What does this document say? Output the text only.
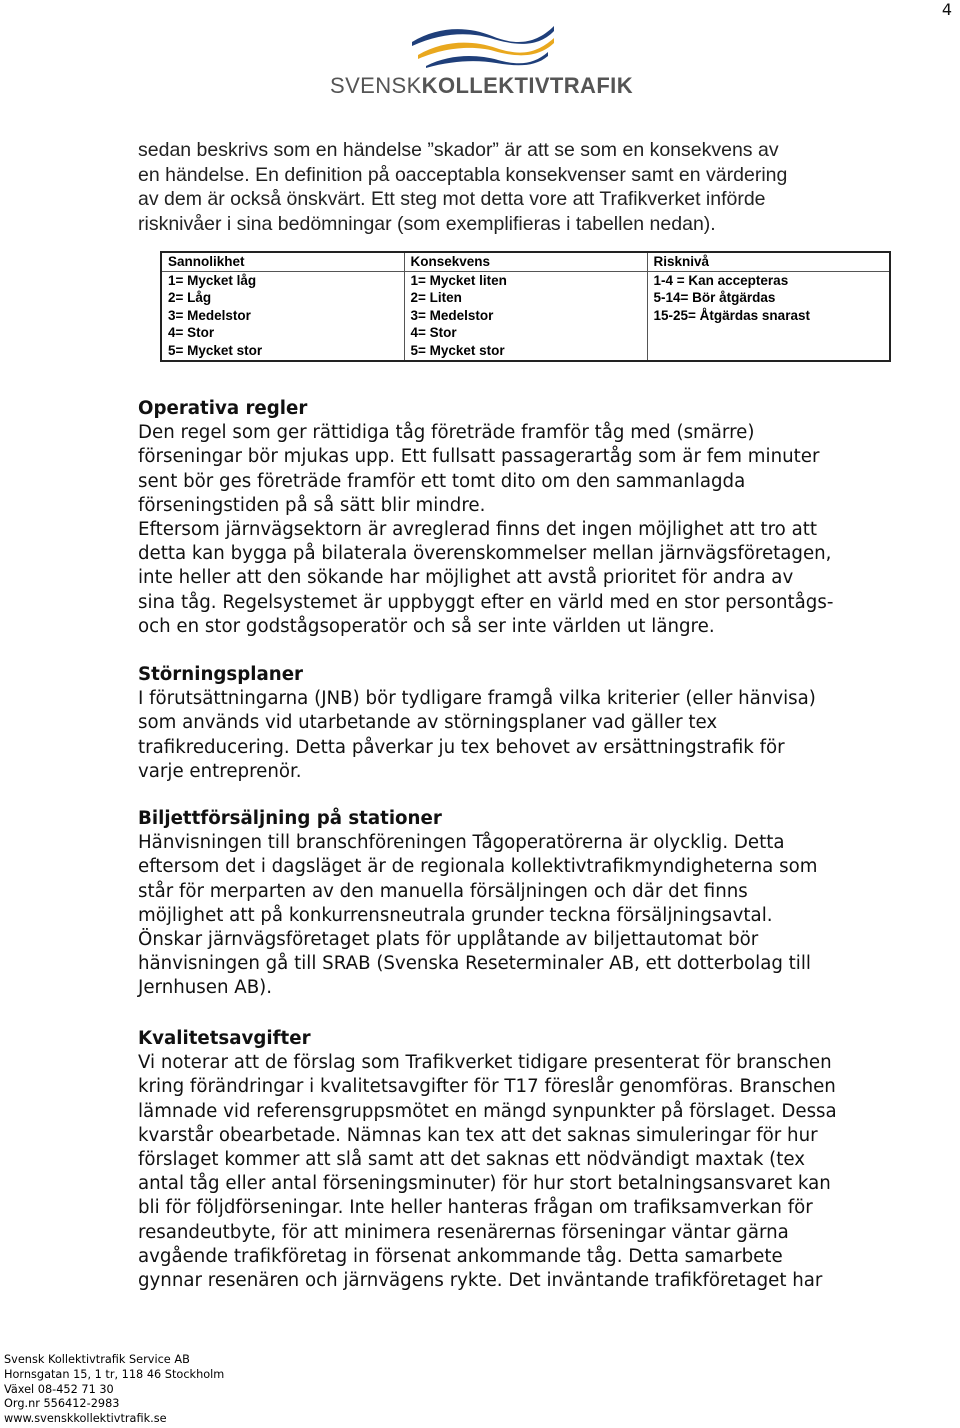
4
SVENSKKOLLEKTIVTRAFIK

sedan beskrivs som en händelse ”skador” är att se som en konsekvens av

en händelse. En definition på oacceptabla konsekvenser samt en värdering

av dem är också önskvärt. Ett steg mot detta vore att Trafikverket införde

risknivåer i sina bedömningar (som exemplifieras i tabellen nedan).

Sannolikhet	Konsekvens	Risknivå
1= Mycket låg	1= Mycket liten	1-4 = Kan accepteras
2= Låg	2= Liten	5-14= Bör åtgärdas
3= Medelstor	3= Medelstor	15-25= Åtgärdas snarast
4= Stor	4= Stor	
5= Mycket stor	5= Mycket stor	
Operativa regler

Den regel som ger rättidiga tåg företräde framför tåg med (smärre)

förseningar bör mjukas upp. Ett fullsatt passagerartåg som är fem minuter

sent bör ges företräde framför ett tomt dito om den sammanlagda

förseningstiden på så sätt blir mindre.

Eftersom järnvägsektorn är avreglerad finns det ingen möjlighet att tro att

detta kan bygga på bilaterala överenskommelser mellan järnvägsföretagen,

inte heller att den sökande har möjlighet att avstå prioritet för andra av

sina tåg. Regelsystemet är uppbyggt efter en värld med en stor persontågs-

och en stor godstågsoperatör och så ser inte världen ut längre.

Störningsplaner

I förutsättningarna (JNB) bör tydligare framgå vilka kriterier (eller hänvisa)

som används vid utarbetande av störningsplaner vad gäller tex

trafikreducering. Detta påverkar ju tex behovet av ersättningstrafik för

varje entreprenör.

Biljettförsäljning på stationer

Hänvisningen till branschföreningen Tågoperatörerna är olycklig. Detta

eftersom det i dagsläget är de regionala kollektivtrafikmyndigheterna som

står för merparten av den manuella försäljningen och där det finns

möjlighet att på konkurrensneutrala grunder teckna försäljningsavtal.

Önskar järnvägsföretaget plats för upplåtande av biljettautomat bör

hänvisningen gå till SRAB (Svenska Reseterminaler AB, ett dotterbolag till

Jernhusen AB).

Kvalitetsavgifter

Vi noterar att de förslag som Trafikverket tidigare presenterat för branschen

kring förändringar i kvalitetsavgifter för T17 föreslår genomföras. Branschen

lämnade vid referensgruppsmötet en mängd synpunkter på förslaget. Dessa

kvarstår obearbetade. Nämnas kan tex att det saknas simuleringar för hur

förslaget kommer att slå samt att det saknas ett nödvändigt maxtak (tex

antal tåg eller antal förseningsminuter) för hur stort betalningsansvaret kan

bli för följdförseningar. Inte heller hanteras frågan om trafiksamverkan för

resandeutbyte, för att minimera resenärernas förseningar väntar gärna

avgående trafikföretag in försenat ankommande tåg. Detta samarbete

gynnar resenären och järnvägens rykte. Det inväntande trafikföretaget har

Svensk Kollektivtrafik Service AB
Hornsgatan 15, 1 tr, 118 46 Stockholm
Växel 08-452 71 30
Org.nr 556412-2983
www.svenskkollektivtrafik.se
